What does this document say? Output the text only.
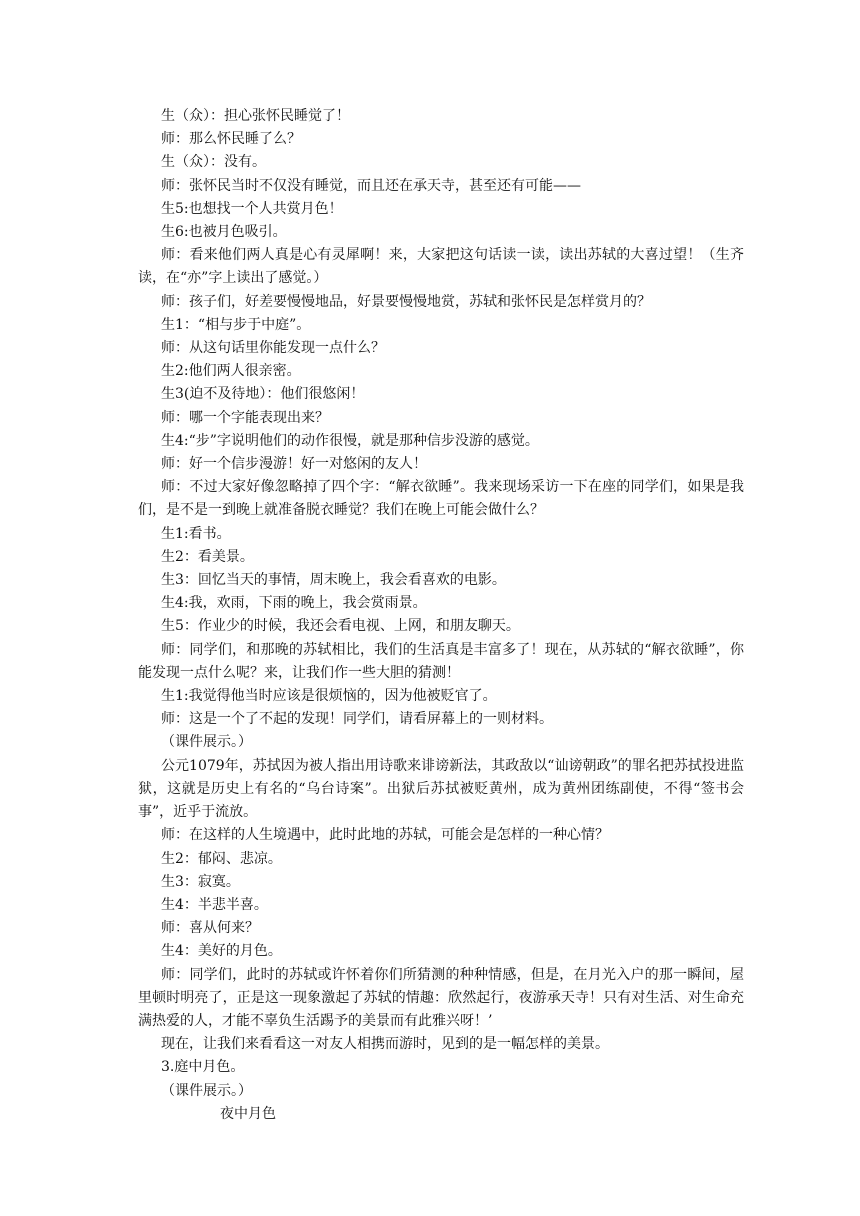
生（众）：担心张怀民睡觉了！

师：那么怀民睡了么？

生（众）：没有。

师：张怀民当时不仅没有睡觉，而且还在承天寺，甚至还有可能——

生5:也想找一个人共赏月色！

生6:也被月色吸引。

师：看来他们两人真是心有灵犀啊！来，大家把这句话读一读，读出苏轼的大喜过望！（生齐读，在“亦”字上读出了感觉。）

师：孩子们，好差要慢慢地品，好景要慢慢地赏，苏轼和张怀民是怎样赏月的？

生1：“相与步于中庭”。

师：从这句话里你能发现一点什么？

生2:他们两人很亲密。

生3(迫不及待地）：他们很悠闲！

师：哪一个字能表现出来？

生4:“步”字说明他们的动作很慢，就是那种信步没游的感觉。

师：好一个信步漫游！好一对悠闲的友人！

师：不过大家好像忽略掉了四个字：“解衣欲睡”。我来现场采访一下在座的同学们，如果是我们，是不是一到晚上就准备脱衣睡觉？我们在晚上可能会做什么？

生1:看书。

生2：看美景。

生3：回忆当天的事情，周末晚上，我会看喜欢的电影。

生4:我，欢雨，下雨的晚上，我会赏雨景。

生5：作业少的时候，我还会看电视、上网，和朋友聊天。

师：同学们，和那晚的苏轼相比，我们的生活真是丰富多了！现在，从苏轼的“解衣欲睡”，你能发现一点什么呢？来，让我们作一些大胆的猜测！

生1:我觉得他当时应该是很烦恼的，因为他被贬官了。

师：这是一个了不起的发现！同学们，请看屏幕上的一则材料。

（课件展示。）

公元1079年，苏拭因为被人指出用诗歌来诽谤新法，其政敌以“讪谤朝政”的罪名把苏拭投进监狱，这就是历史上有名的“乌台诗案”。出狱后苏拭被贬黄州，成为黄州团练副使，不得“签书会事”，近乎于流放。

师：在这样的人生境遇中，此时此地的苏轼，可能会是怎样的一种心情？

生2：郁闷、悲凉。

生3：寂寞。

生4：半悲半喜。

师：喜从何来？

生4：美好的月色。

师：同学们，此时的苏轼或许怀着你们所猜测的种种情感，但是，在月光入户的那一瞬间，屋里顿时明亮了，正是这一现象激起了苏轼的情趣：欣然起行，夜游承天寺！只有对生活、对生命充满热爱的人，才能不辜负生活踢予的美景而有此雅兴呀！’

现在，让我们来看看这一对友人相携而游时，见到的是一幅怎样的美景。

3.庭中月色。

（课件展示。）

夜中月色
